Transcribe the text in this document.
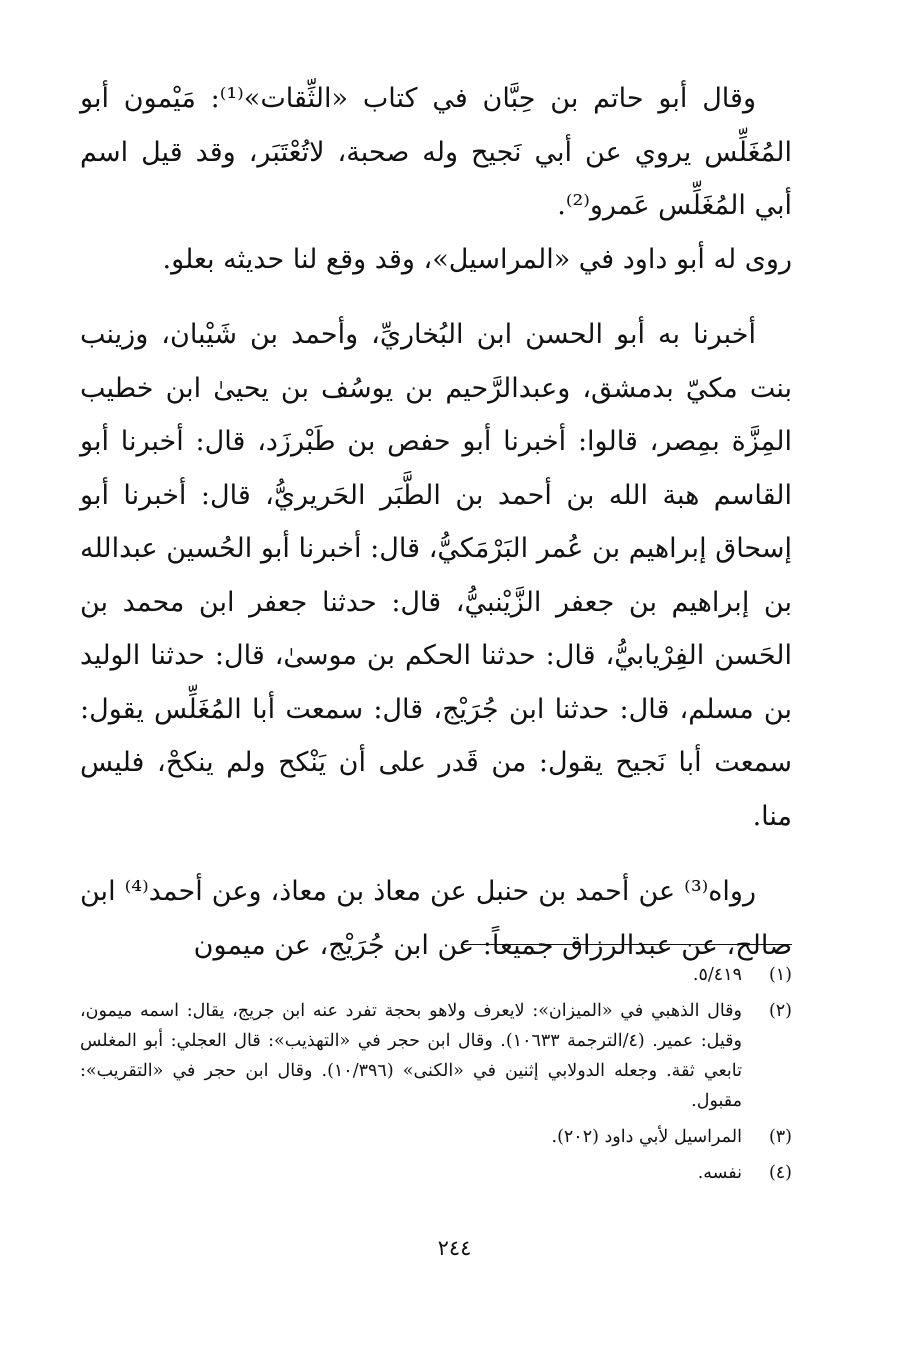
وقال أبو حاتم بن حِبَّان في كتاب «الثِّقات»⁽¹⁾: مَيْمون أبو المُغَلِّس يروي عن أبي نَجيح وله صحبة، لاتُعْتَبَر، وقد قيل اسم أبي المُغَلِّس عَمرو⁽²⁾.

روى له أبو داود في «المراسيل»، وقد وقع لنا حديثه بعلو.

أخبرنا به أبو الحسن ابن البُخاريِّ، وأحمد بن شَيْبان، وزينب بنت مكيّ بدمشق، وعبدالرَّحيم بن يوسُف بن يحيىٰ ابن خطيب المِزَّة بمِصر، قالوا: أخبرنا أبو حفص بن طَبْرزَد، قال: أخبرنا أبو القاسم هبة الله بن أحمد بن الطَّبَر الحَريريُّ، قال: أخبرنا أبو إسحاق إبراهيم بن عُمر البَرْمَكيُّ، قال: أخبرنا أبو الحُسين عبدالله بن إبراهيم بن جعفر الزَّيْنبيُّ، قال: حدثنا جعفر ابن محمد بن الحَسن الفِرْيابيُّ، قال: حدثنا الحكم بن موسىٰ، قال: حدثنا الوليد بن مسلم، قال: حدثنا ابن جُرَيْج، قال: سمعت أبا المُغَلِّس يقول: سمعت أبا نَجيح يقول: من قَدر على أن يَنْكح ولم ينكحْ، فليس منا.

رواه⁽³⁾ عن أحمد بن حنبل عن معاذ بن معاذ، وعن أحمد⁽⁴⁾ ابن صالح، عن عبدالرزاق جميعاً: عن ابن جُرَيْج، عن ميمون

(١)
٥/٤١٩.
(٢)
وقال الذهبي في «الميزان»: لايعرف ولاهو بحجة تفرد عنه ابن جريج، يقال: اسمه ميمون، وقيل: عمير. (٤/الترجمة ١٠٦٣٣). وقال ابن حجر في «التهذيب»: قال العجلي: أبو المغلس تابعي ثقة. وجعله الدولابي إثنين في «الكنى» (١٠/٣٩٦). وقال ابن حجر في «التقريب»: مقبول.
(٣)
المراسيل لأبي داود (٢٠٢).
(٤)
نفسه.
٢٤٤
